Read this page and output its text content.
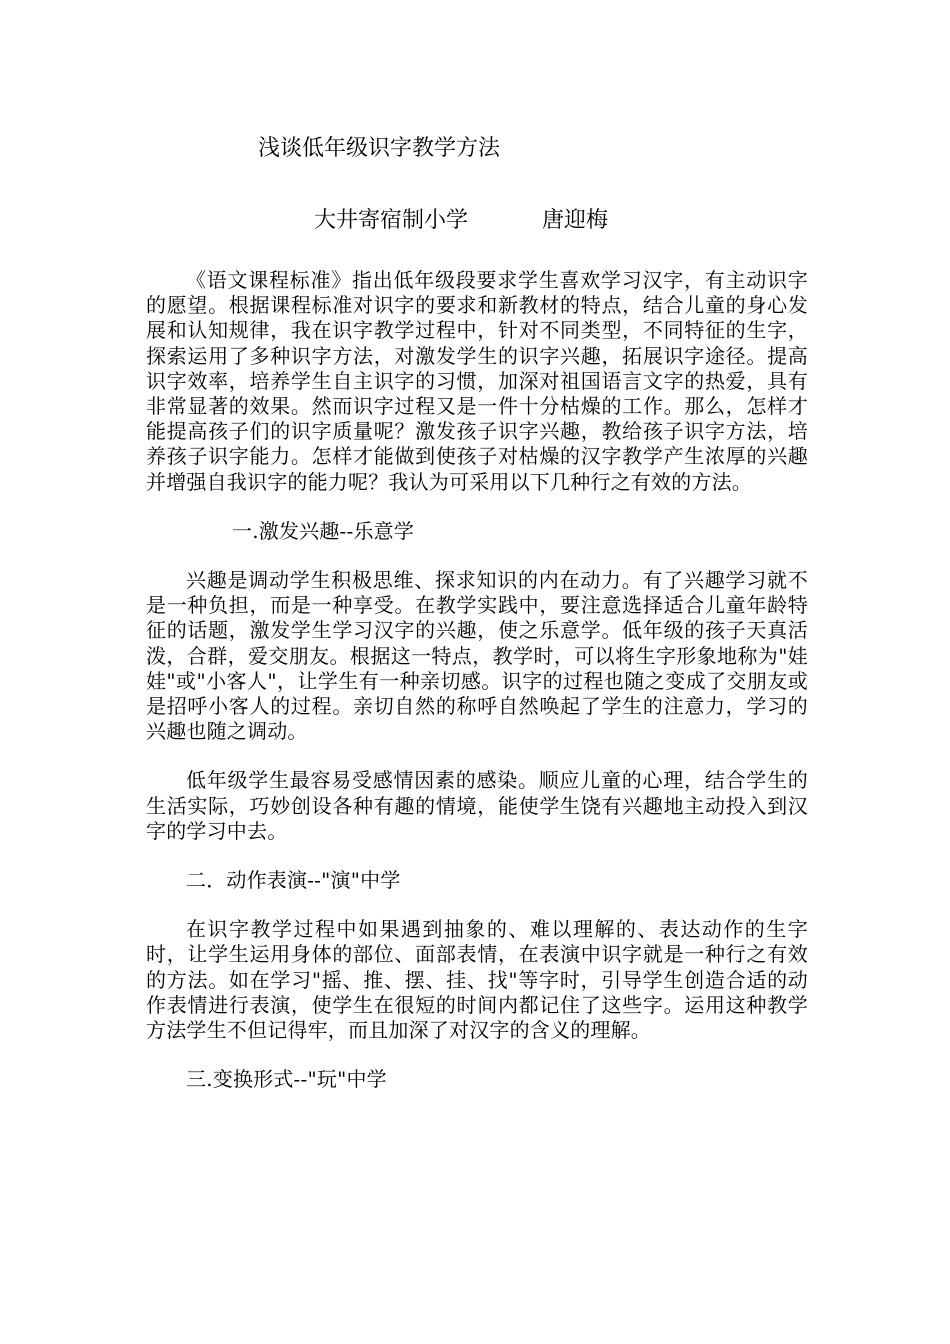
浅谈低年级识字教学方法
大井寄宿制小学	唐迎梅

《语文课程标准》指出低年级段要求学生喜欢学习汉字，有主动识字的愿望。根据课程标准对识字的要求和新教材的特点，结合儿童的身心发展和认知规律，我在识字教学过程中，针对不同类型，不同特征的生字，探索运用了多种识字方法，对激发学生的识字兴趣，拓展识字途径。提高识字效率，培养学生自主识字的习惯，加深对祖国语言文字的热爱，具有非常显著的效果。然而识字过程又是一件十分枯燥的工作。那么，怎样才能提高孩子们的识字质量呢？激发孩子识字兴趣，教给孩子识字方法，培养孩子识字能力。怎样才能做到使孩子对枯燥的汉字教学产生浓厚的兴趣并增强自我识字的能力呢？我认为可采用以下几种行之有效的方法。

一.激发兴趣--乐意学

兴趣是调动学生积极思维、探求知识的内在动力。有了兴趣学习就不是一种负担，而是一种享受。在教学实践中，要注意选择适合儿童年龄特征的话题，激发学生学习汉字的兴趣，使之乐意学。低年级的孩子天真活泼，合群，爱交朋友。根据这一特点，教学时，可以将生字形象地称为"娃娃"或"小客人"，让学生有一种亲切感。识字的过程也随之变成了交朋友或是招呼小客人的过程。亲切自然的称呼自然唤起了学生的注意力，学习的兴趣也随之调动。

低年级学生最容易受感情因素的感染。顺应儿童的心理，结合学生的生活实际，巧妙创设各种有趣的情境，能使学生饶有兴趣地主动投入到汉字的学习中去。

二．动作表演--"演"中学

在识字教学过程中如果遇到抽象的、难以理解的、表达动作的生字时，让学生运用身体的部位、面部表情，在表演中识字就是一种行之有效的方法。如在学习"摇、推、摆、挂、找"等字时，引导学生创造合适的动作表情进行表演，使学生在很短的时间内都记住了这些字。运用这种教学方法学生不但记得牢，而且加深了对汉字的含义的理解。

三.变换形式--"玩"中学
